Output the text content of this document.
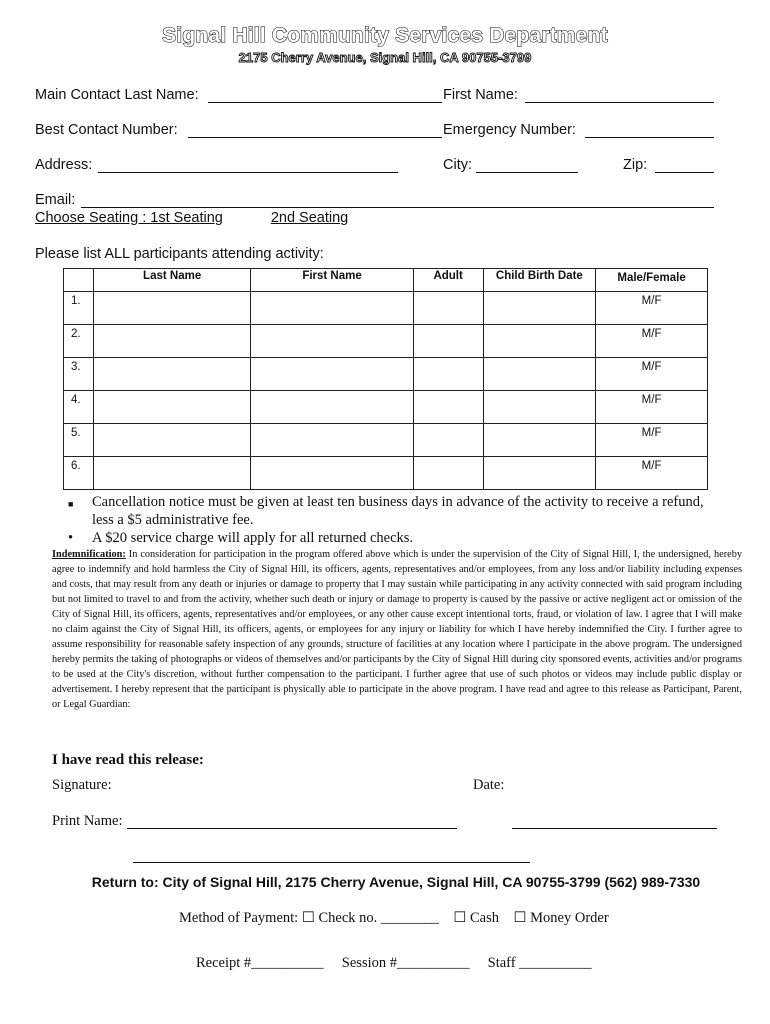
Signal Hill Community Services Department
2175 Cherry Avenue, Signal Hill, CA 90755-3799
Main Contact Last Name:	First Name:
Best Contact Number:	Emergency Number:
Address:	City:	Zip:
Email:
Choose Seating : 1st Seating	2nd Seating
Please list ALL participants attending activity:
	Last Name	First Name	Adult	Child Birth Date	Male/Female
1.					M/F
2.					M/F
3.					M/F
4.					M/F
5.					M/F
6.					M/F
■ Cancellation notice must be given at least ten business days in advance of the activity to receive a refund, less a $5 administrative fee.
• A $20 service charge will apply for all returned checks.
Indemnification: In consideration for participation in the program offered above which is under the supervision of the City of Signal Hill, I, the undersigned, hereby agree to indemnify and hold harmless the City of Signal Hill, its officers, agents, representatives and/or employees, from any loss and/or liability including expenses and costs, that may result from any death or injuries or damage to property that I may sustain while participating in any activity connected with said program including but not limited to travel to and from the activity, whether such death or injury or damage to property is caused by the passive or active negligent act or omission of the City of Signal Hill, its officers, agents, representatives and/or employees, or any other cause except intentional torts, fraud, or violation of law. I agree that I will make no claim against the City of Signal Hill, its officers, agents, or employees for any injury or liability for which I have hereby indemnified the City. I further agree to assume responsibility for reasonable safety inspection of any grounds, structure of facilities at any location where I participate in the above program. The undersigned hereby permits the taking of photographs or videos of themselves and/or participants by the City of Signal Hill during city sponsored events, activities and/or programs to be used at the City's discretion, without further compensation to the participant. I further agree that use of such photos or videos may include public display or advertisement. I hereby represent that the participant is physically able to participate in the above program. I have read and agree to this release as Participant, Parent, or Legal Guardian:
I have read this release:
Signature:	Date:
Print Name:
Return to: City of Signal Hill, 2175 Cherry Avenue, Signal Hill, CA 90755-3799 (562) 989-7330
Method of Payment: ☐ Check no. ________ ☐ Cash ☐ Money Order
Receipt #__________ Session #__________ Staff __________
